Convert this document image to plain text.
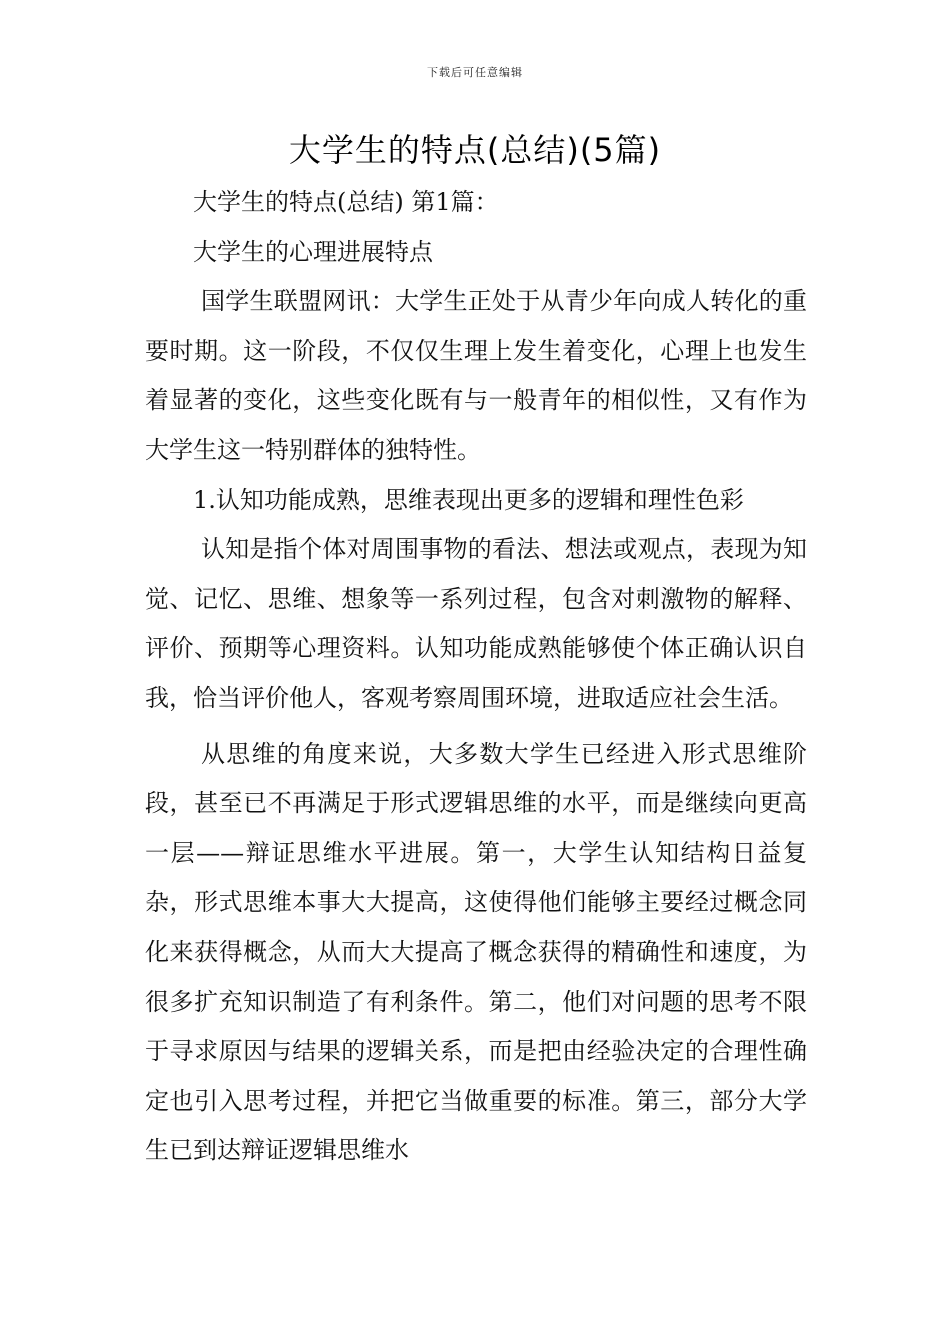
下载后可任意编辑
大学生的特点(总结)(5篇)

大学生的特点(总结) 第1篇：

大学生的心理进展特点

国学生联盟网讯：大学生正处于从青少年向成人转化的重要时期。这一阶段，不仅仅生理上发生着变化，心理上也发生着显著的变化，这些变化既有与一般青年的相似性，又有作为大学生这一特别群体的独特性。

1.认知功能成熟，思维表现出更多的逻辑和理性色彩

认知是指个体对周围事物的看法、想法或观点，表现为知觉、记忆、思维、想象等一系列过程，包含对刺激物的解释、评价、预期等心理资料。认知功能成熟能够使个体正确认识自我，恰当评价他人，客观考察周围环境，进取适应社会生活。

从思维的角度来说，大多数大学生已经进入形式思维阶段，甚至已不再满足于形式逻辑思维的水平，而是继续向更高一层——辩证思维水平进展。第一，大学生认知结构日益复杂，形式思维本事大大提高，这使得他们能够主要经过概念同化来获得概念，从而大大提高了概念获得的精确性和速度，为很多扩充知识制造了有利条件。第二，他们对问题的思考不限于寻求原因与结果的逻辑关系，而是把由经验决定的合理性确定也引入思考过程，并把它当做重要的标准。第三，部分大学生已到达辩证逻辑思维水
